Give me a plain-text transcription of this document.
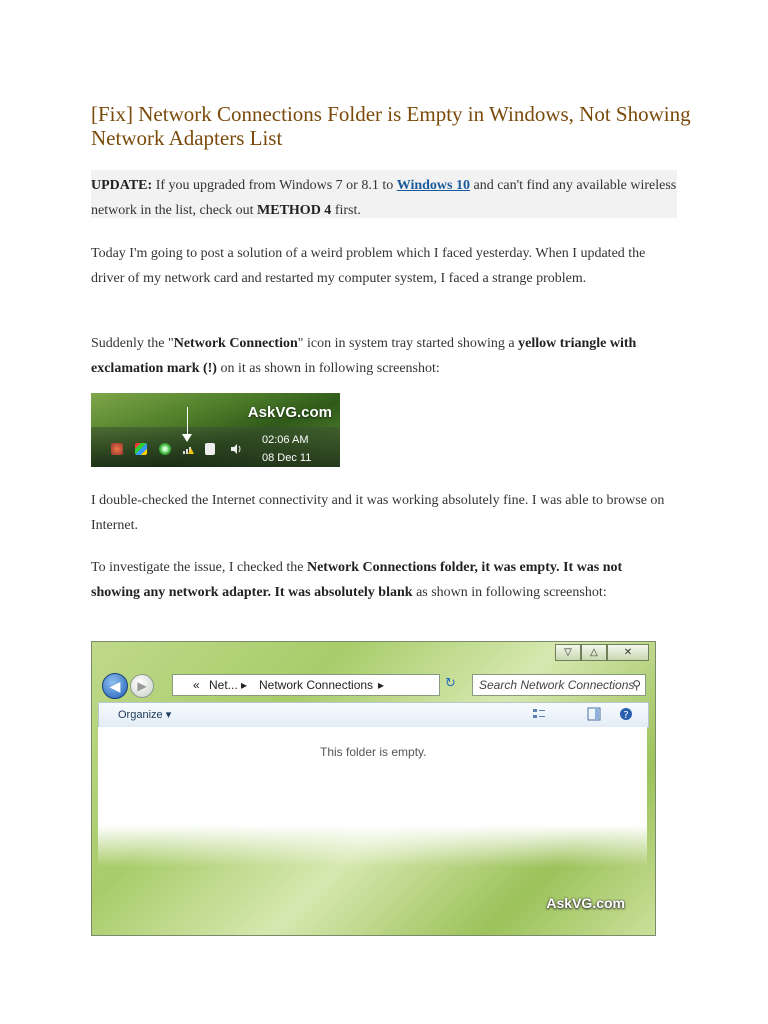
[Fix] Network Connections Folder is Empty in Windows, Not Showing Network Adapters List
UPDATE: If you upgraded from Windows 7 or 8.1 to Windows 10 and can't find any available wireless network in the list, check out METHOD 4 first.

Today I'm going to post a solution of a weird problem which I faced yesterday. When I updated the driver of my network card and restarted my computer system, I faced a strange problem.

Suddenly the "Network Connection" icon in system tray started showing a yellow triangle with exclamation mark (!) on it as shown in following screenshot:

AskVG.com
02:06 AM
08 Dec 11

I double-checked the Internet connectivity and it was working absolutely fine. I was able to browse on Internet.

To investigate the issue, I checked the Network Connections folder, it was empty. It was not showing any network adapter. It was absolutely blank as shown in following screenshot:

▽	△	✕
◀	▶	« Net... ▸ Network Connections ▸	↻	Search Network Connections
⚲
Organize ▾	?
This folder is empty.
AskVG.com
